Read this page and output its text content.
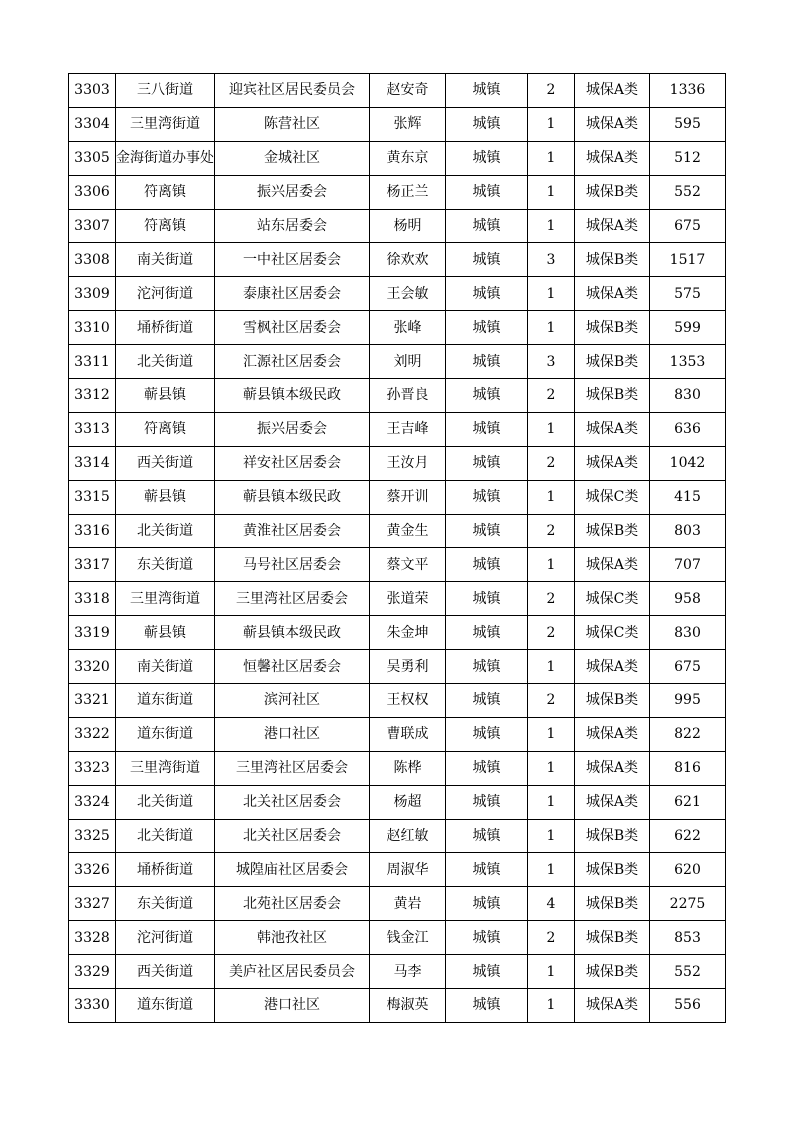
3303	三八街道	迎宾社区居民委员会	赵安奇	城镇	2	城保A类	1336
3304	三里湾街道	陈营社区	张辉	城镇	1	城保A类	595
3305	金海街道办事处	金城社区	黄东京	城镇	1	城保A类	512
3306	符离镇	振兴居委会	杨正兰	城镇	1	城保B类	552
3307	符离镇	站东居委会	杨明	城镇	1	城保A类	675
3308	南关街道	一中社区居委会	徐欢欢	城镇	3	城保B类	1517
3309	沱河街道	泰康社区居委会	王会敏	城镇	1	城保A类	575
3310	埇桥街道	雪枫社区居委会	张峰	城镇	1	城保B类	599
3311	北关街道	汇源社区居委会	刘明	城镇	3	城保B类	1353
3312	蕲县镇	蕲县镇本级民政	孙晋良	城镇	2	城保B类	830
3313	符离镇	振兴居委会	王吉峰	城镇	1	城保A类	636
3314	西关街道	祥安社区居委会	王汝月	城镇	2	城保A类	1042
3315	蕲县镇	蕲县镇本级民政	蔡开训	城镇	1	城保C类	415
3316	北关街道	黄淮社区居委会	黄金生	城镇	2	城保B类	803
3317	东关街道	马号社区居委会	蔡文平	城镇	1	城保A类	707
3318	三里湾街道	三里湾社区居委会	张道荣	城镇	2	城保C类	958
3319	蕲县镇	蕲县镇本级民政	朱金坤	城镇	2	城保C类	830
3320	南关街道	恒馨社区居委会	吴勇利	城镇	1	城保A类	675
3321	道东街道	滨河社区	王权权	城镇	2	城保B类	995
3322	道东街道	港口社区	曹联成	城镇	1	城保A类	822
3323	三里湾街道	三里湾社区居委会	陈桦	城镇	1	城保A类	816
3324	北关街道	北关社区居委会	杨超	城镇	1	城保A类	621
3325	北关街道	北关社区居委会	赵红敏	城镇	1	城保B类	622
3326	埇桥街道	城隍庙社区居委会	周淑华	城镇	1	城保B类	620
3327	东关街道	北苑社区居委会	黄岩	城镇	4	城保B类	2275
3328	沱河街道	韩池孜社区	钱金江	城镇	2	城保B类	853
3329	西关街道	美庐社区居民委员会	马李	城镇	1	城保B类	552
3330	道东街道	港口社区	梅淑英	城镇	1	城保A类	556
